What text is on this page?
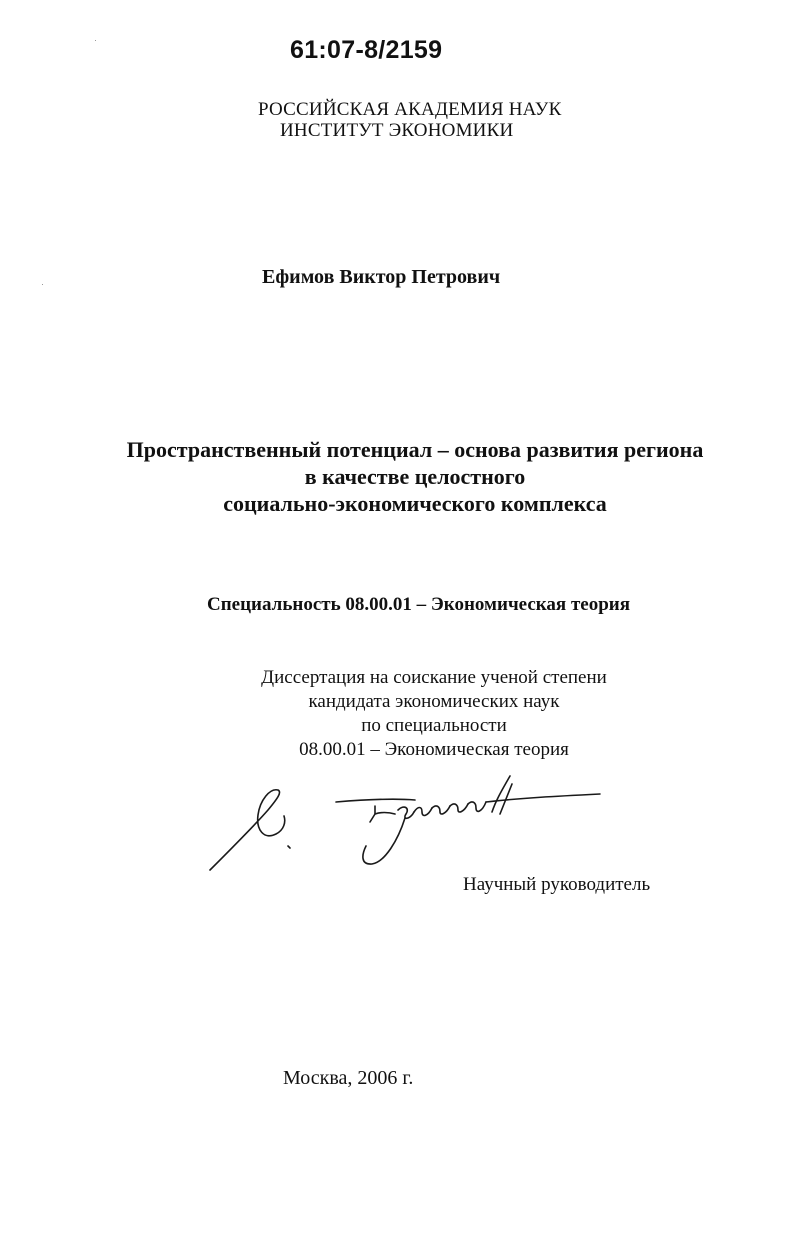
61:07-8/2159
РОССИЙСКАЯ АКАДЕМИЯ НАУК
ИНСТИТУТ ЭКОНОМИКИ
Ефимов Виктор Петрович
Пространственный потенциал – основа развития региона
в качестве целостного
социально-экономического комплекса
Специальность 08.00.01 – Экономическая теория
Диссертация на соискание ученой степени
кандидата экономических наук
по специальности
08.00.01 – Экономическая теория
Научный руководитель
Москва, 2006 г.
